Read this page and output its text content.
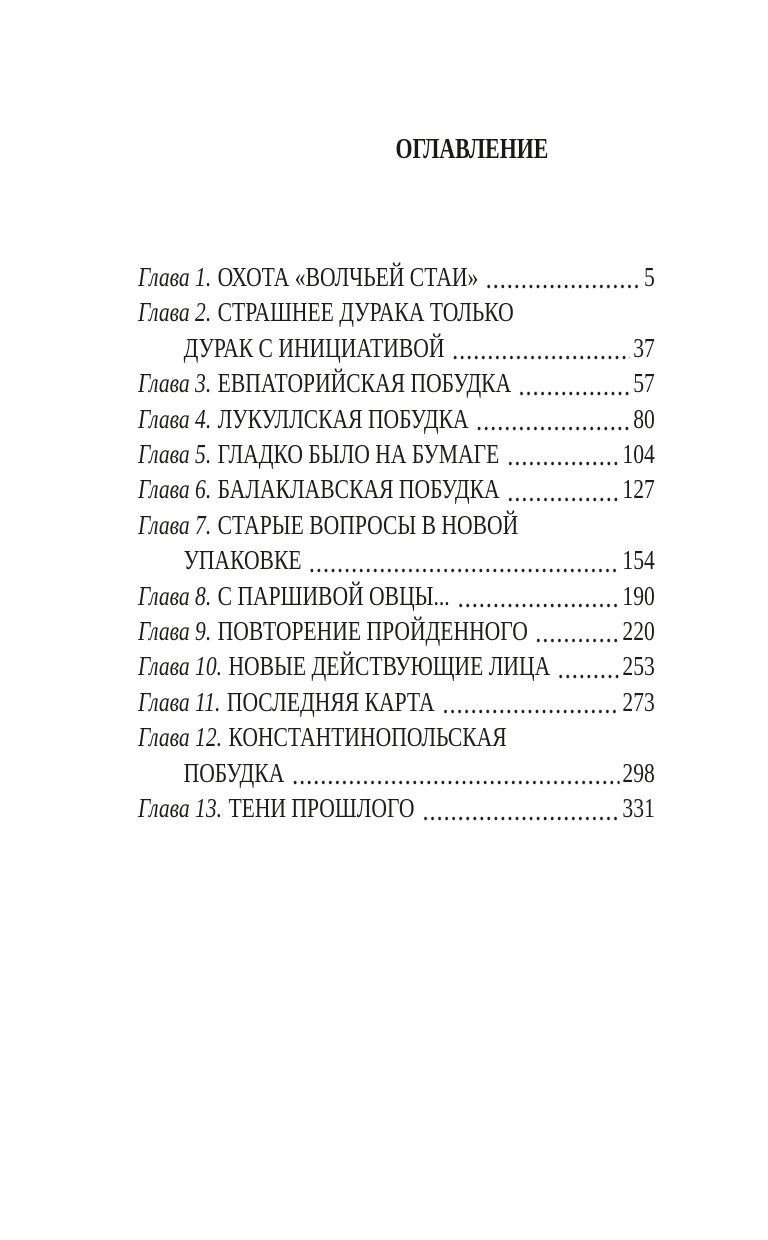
ОГЛАВЛЕНИЕ
Глава 1. ОХОТА «ВОЛЧЬЕЙ СТАИ»	5
Глава 2. СТРАШНЕЕ ДУРАКА ТОЛЬКО
ДУРАК С ИНИЦИАТИВОЙ	37
Глава 3. ЕВПАТОРИЙСКАЯ ПОБУДКА	57
Глава 4. ЛУКУЛЛСКАЯ ПОБУДКА	80
Глава 5. ГЛАДКО БЫЛО НА БУМАГЕ	104
Глава 6. БАЛАКЛАВСКАЯ ПОБУДКА	127
Глава 7. СТАРЫЕ ВОПРОСЫ В НОВОЙ
УПАКОВКЕ	154
Глава 8. С ПАРШИВОЙ ОВЦЫ...	190
Глава 9. ПОВТОРЕНИЕ ПРОЙДЕННОГО	220
Глава 10. НОВЫЕ ДЕЙСТВУЮЩИЕ ЛИЦА	253
Глава 11. ПОСЛЕДНЯЯ КАРТА	273
Глава 12. КОНСТАНТИНОПОЛЬСКАЯ
ПОБУДКА	298
Глава 13. ТЕНИ ПРОШЛОГО	331
